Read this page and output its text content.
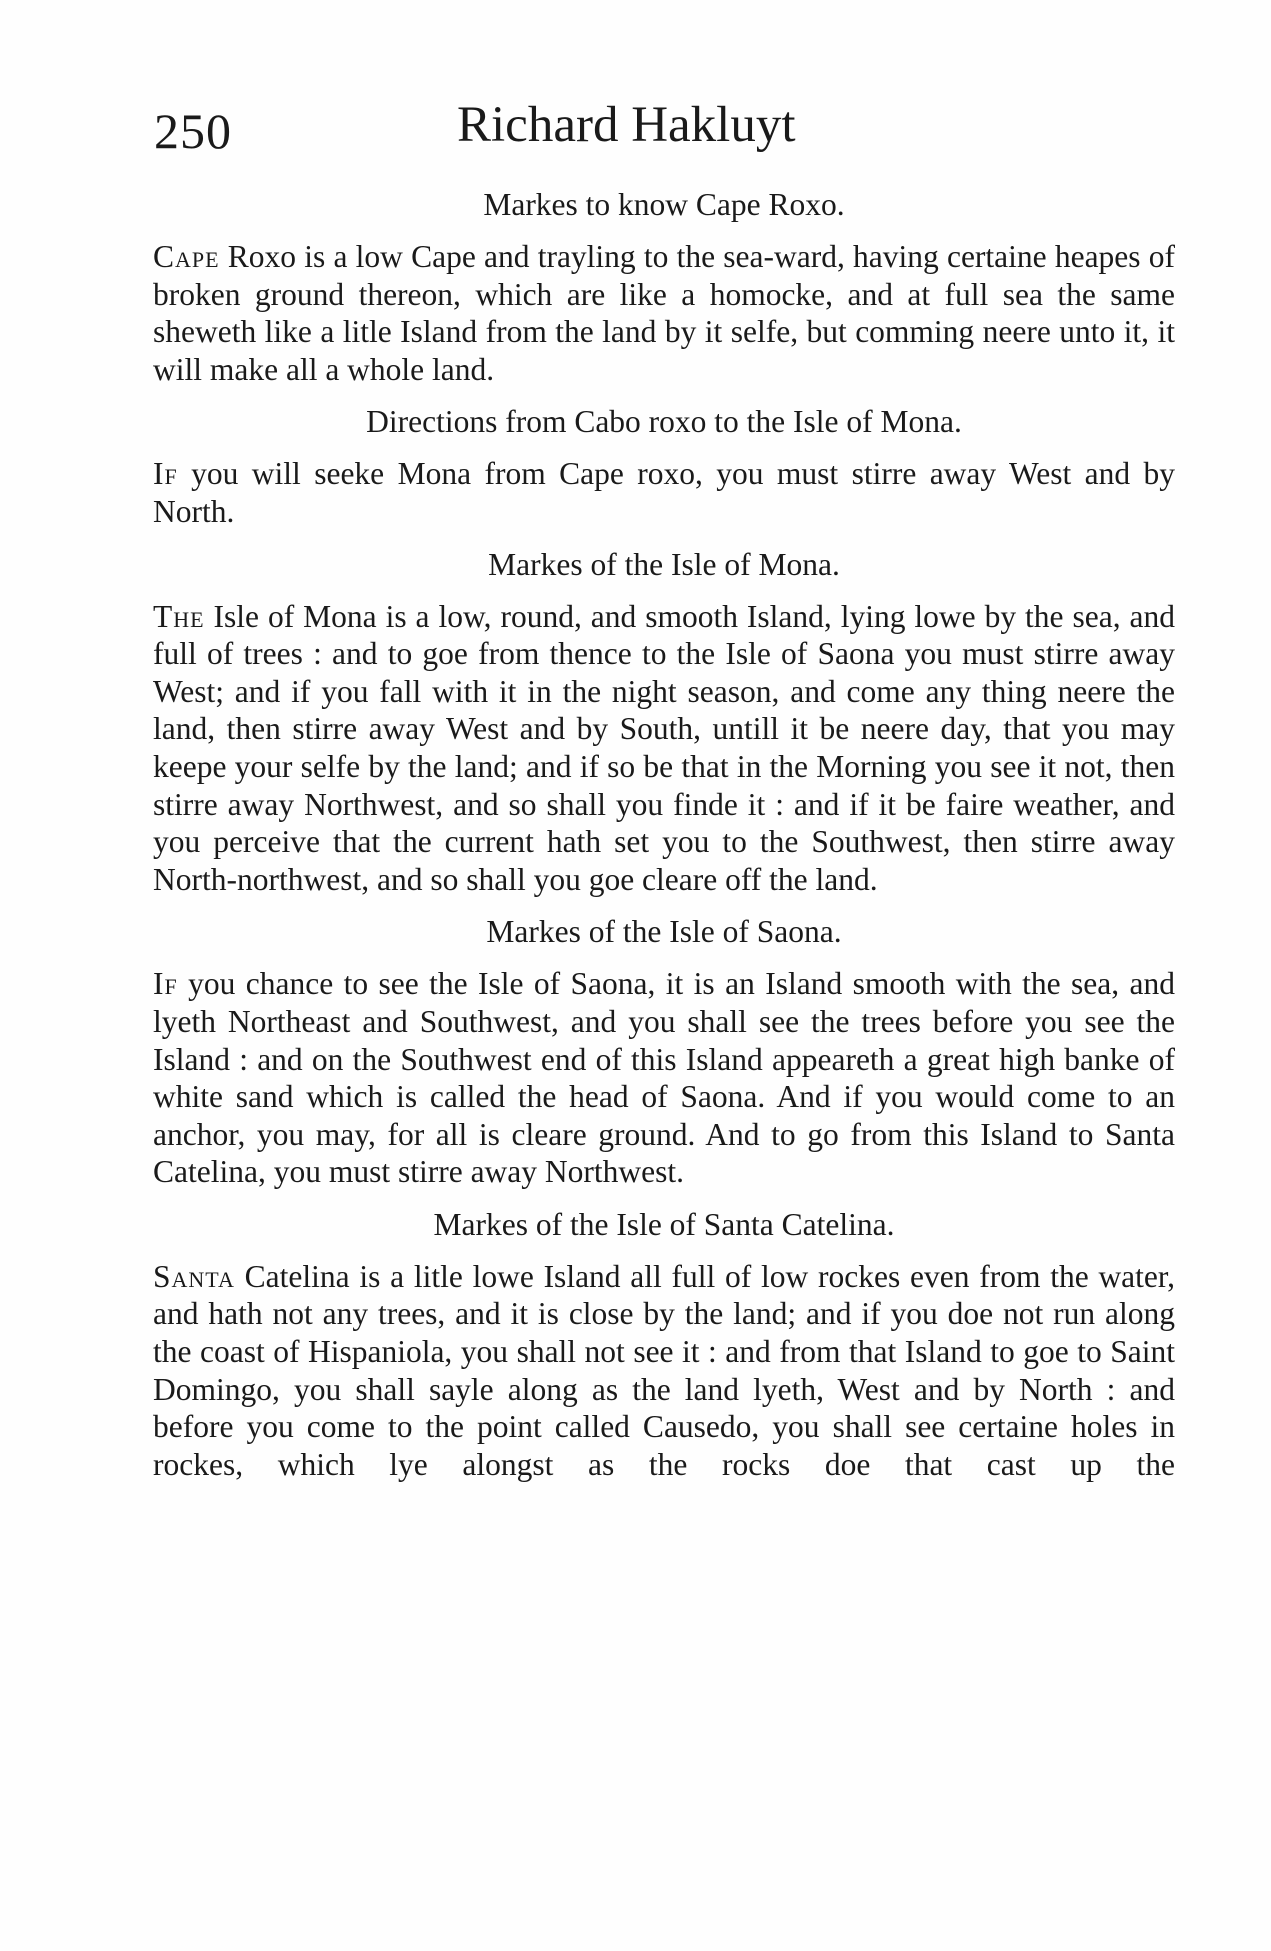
250	Richard Hakluyt
Markes to know Cape Roxo.

Cape Roxo is a low Cape and trayling to the sea-ward, having certaine heapes of broken ground thereon, which are like a homocke, and at full sea the same sheweth like a litle Island from the land by it selfe, but comming neere unto it, it will make all a whole land.

Directions from Cabo roxo to the Isle of Mona.

If you will seeke Mona from Cape roxo, you must stirre away West and by North.

Markes of the Isle of Mona.

The Isle of Mona is a low, round, and smooth Island, lying lowe by the sea, and full of trees : and to goe from thence to the Isle of Saona you must stirre away West; and if you fall with it in the night season, and come any thing neere the land, then stirre away West and by South, untill it be neere day, that you may keepe your selfe by the land; and if so be that in the Morning you see it not, then stirre away Northwest, and so shall you finde it : and if it be faire weather, and you perceive that the current hath set you to the Southwest, then stirre away North-northwest, and so shall you goe cleare off the land.

Markes of the Isle of Saona.

If you chance to see the Isle of Saona, it is an Island smooth with the sea, and lyeth Northeast and Southwest, and you shall see the trees before you see the Island : and on the Southwest end of this Island appeareth a great high banke of white sand which is called the head of Saona. And if you would come to an anchor, you may, for all is cleare ground. And to go from this Island to Santa Catelina, you must stirre away Northwest.

Markes of the Isle of Santa Catelina.

Santa Catelina is a litle lowe Island all full of low rockes even from the water, and hath not any trees, and it is close by the land; and if you doe not run along the coast of Hispaniola, you shall not see it : and from that Island to goe to Saint Domingo, you shall sayle along as the land lyeth, West and by North : and before you come to the point called Causedo, you shall see certaine holes in rockes, which lye alongst as the rocks doe that cast up the
